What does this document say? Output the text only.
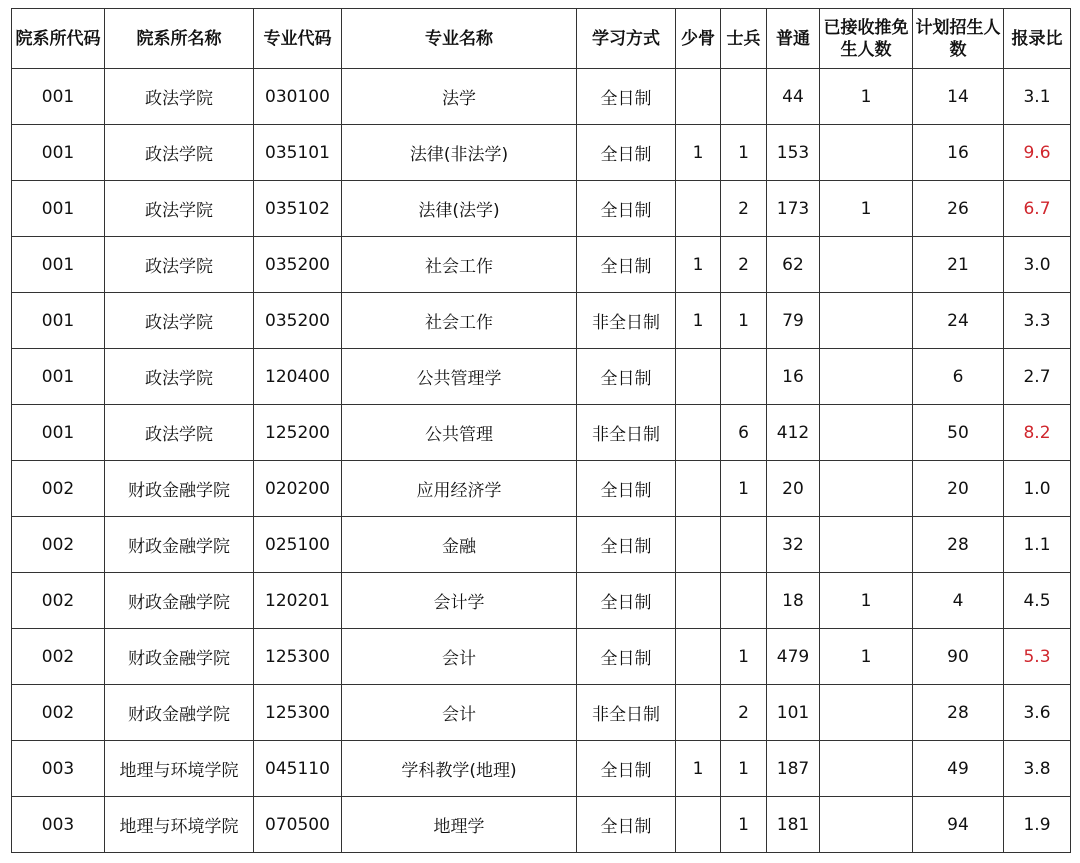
院系所代码	院系所名称	专业代码	专业名称	学习方式	少骨	士兵	普通	已接收推免生人数	计划招生人数	报录比
001	政法学院	030100	法学	全日制			44	1	14	3.1
001	政法学院	035101	法律(非法学)	全日制	1	1	153		16	9.6
001	政法学院	035102	法律(法学)	全日制		2	173	1	26	6.7
001	政法学院	035200	社会工作	全日制	1	2	62		21	3.0
001	政法学院	035200	社会工作	非全日制	1	1	79		24	3.3
001	政法学院	120400	公共管理学	全日制			16		6	2.7
001	政法学院	125200	公共管理	非全日制		6	412		50	8.2
002	财政金融学院	020200	应用经济学	全日制		1	20		20	1.0
002	财政金融学院	025100	金融	全日制			32		28	1.1
002	财政金融学院	120201	会计学	全日制			18	1	4	4.5
002	财政金融学院	125300	会计	全日制		1	479	1	90	5.3
002	财政金融学院	125300	会计	非全日制		2	101		28	3.6
003	地理与环境学院	045110	学科教学(地理)	全日制	1	1	187		49	3.8
003	地理与环境学院	070500	地理学	全日制		1	181		94	1.9
